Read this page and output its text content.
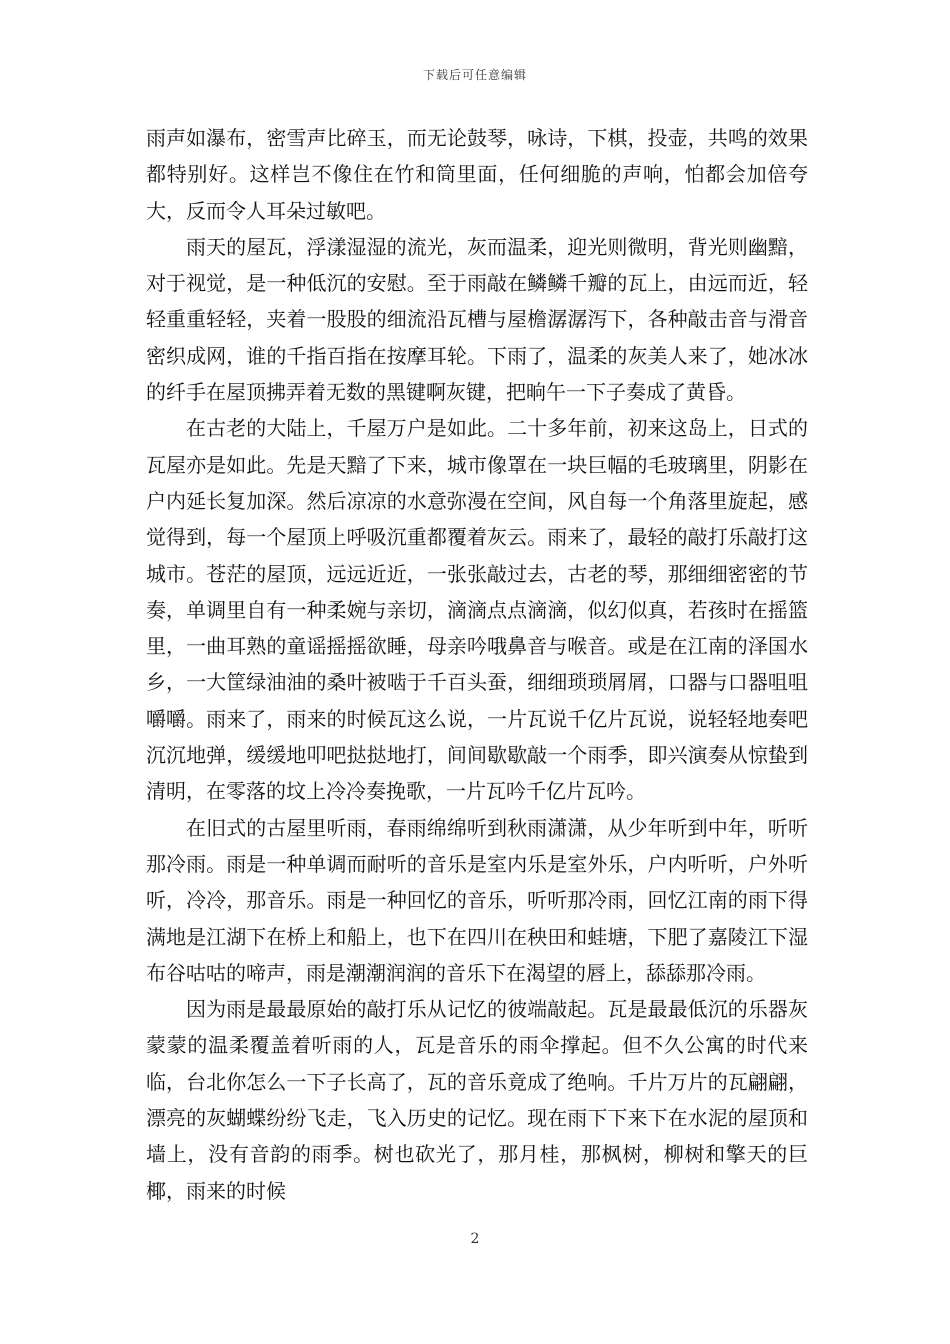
下载后可任意编辑

雨声如瀑布，密雪声比碎玉，而无论鼓琴，咏诗，下棋，投壶，共鸣的效果都特别好。这样岂不像住在竹和筒里面，任何细脆的声响，怕都会加倍夸大，反而令人耳朵过敏吧。

雨天的屋瓦，浮漾湿湿的流光，灰而温柔，迎光则微明，背光则幽黯，对于视觉，是一种低沉的安慰。至于雨敲在鳞鳞千瓣的瓦上，由远而近，轻轻重重轻轻，夹着一股股的细流沿瓦槽与屋檐潺潺泻下，各种敲击音与滑音密织成网，谁的千指百指在按摩耳轮。下雨了，温柔的灰美人来了，她冰冰的纤手在屋顶拂弄着无数的黑键啊灰键，把晌午一下子奏成了黄昏。

在古老的大陆上，千屋万户是如此。二十多年前，初来这岛上，日式的瓦屋亦是如此。先是天黯了下来，城市像罩在一块巨幅的毛玻璃里，阴影在户内延长复加深。然后凉凉的水意弥漫在空间，风自每一个角落里旋起，感觉得到，每一个屋顶上呼吸沉重都覆着灰云。雨来了，最轻的敲打乐敲打这城市。苍茫的屋顶，远远近近，一张张敲过去，古老的琴，那细细密密的节奏，单调里自有一种柔婉与亲切，滴滴点点滴滴，似幻似真，若孩时在摇篮里，一曲耳熟的童谣摇摇欲睡，母亲吟哦鼻音与喉音。或是在江南的泽国水乡，一大筐绿油油的桑叶被啮于千百头蚕，细细琐琐屑屑，口器与口器咀咀嚼嚼。雨来了，雨来的时候瓦这么说，一片瓦说千亿片瓦说，说轻轻地奏吧沉沉地弹，缓缓地叩吧挞挞地打，间间歇歇敲一个雨季，即兴演奏从惊蛰到清明，在零落的坟上冷冷奏挽歌，一片瓦吟千亿片瓦吟。

在旧式的古屋里听雨，春雨绵绵听到秋雨潇潇，从少年听到中年，听听那冷雨。雨是一种单调而耐听的音乐是室内乐是室外乐，户内听听，户外听听，冷冷，那音乐。雨是一种回忆的音乐，听听那冷雨，回忆江南的雨下得满地是江湖下在桥上和船上，也下在四川在秧田和蛙塘，下肥了嘉陵江下湿布谷咕咕的啼声，雨是潮潮润润的音乐下在渴望的唇上，舔舔那冷雨。

因为雨是最最原始的敲打乐从记忆的彼端敲起。瓦是最最低沉的乐器灰蒙蒙的温柔覆盖着听雨的人，瓦是音乐的雨伞撑起。但不久公寓的时代来临，台北你怎么一下子长高了，瓦的音乐竟成了绝响。千片万片的瓦翩翩，漂亮的灰蝴蝶纷纷飞走，飞入历史的记忆。现在雨下下来下在水泥的屋顶和墙上，没有音韵的雨季。树也砍光了，那月桂，那枫树，柳树和擎天的巨椰，雨来的时候

2
